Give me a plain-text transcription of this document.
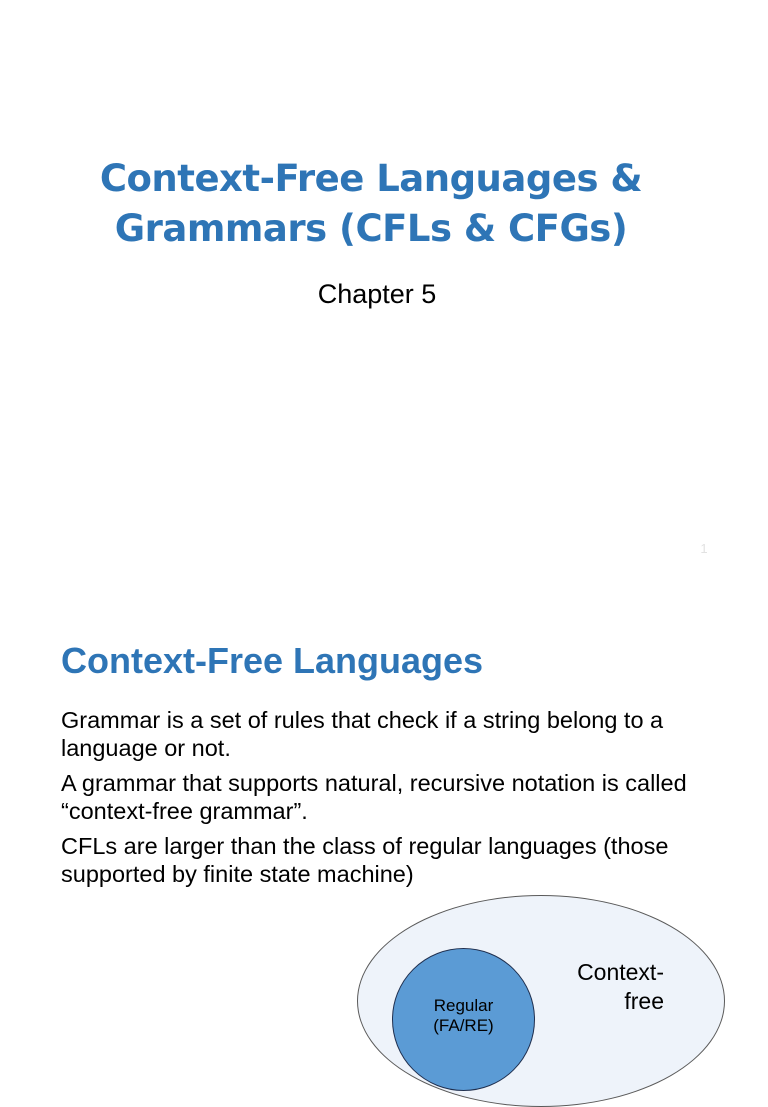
Context-Free Languages &
Grammars (CFLs & CFGs)
Chapter 5
1
Context-Free Languages
Grammar is a set of rules that check if a string belong to a language or not.
A grammar that supports natural, recursive notation is called “context-free grammar”.
CFLs are larger than the class of regular languages (those supported by finite state machine)
Regular
(FA/RE)
Context-
free
